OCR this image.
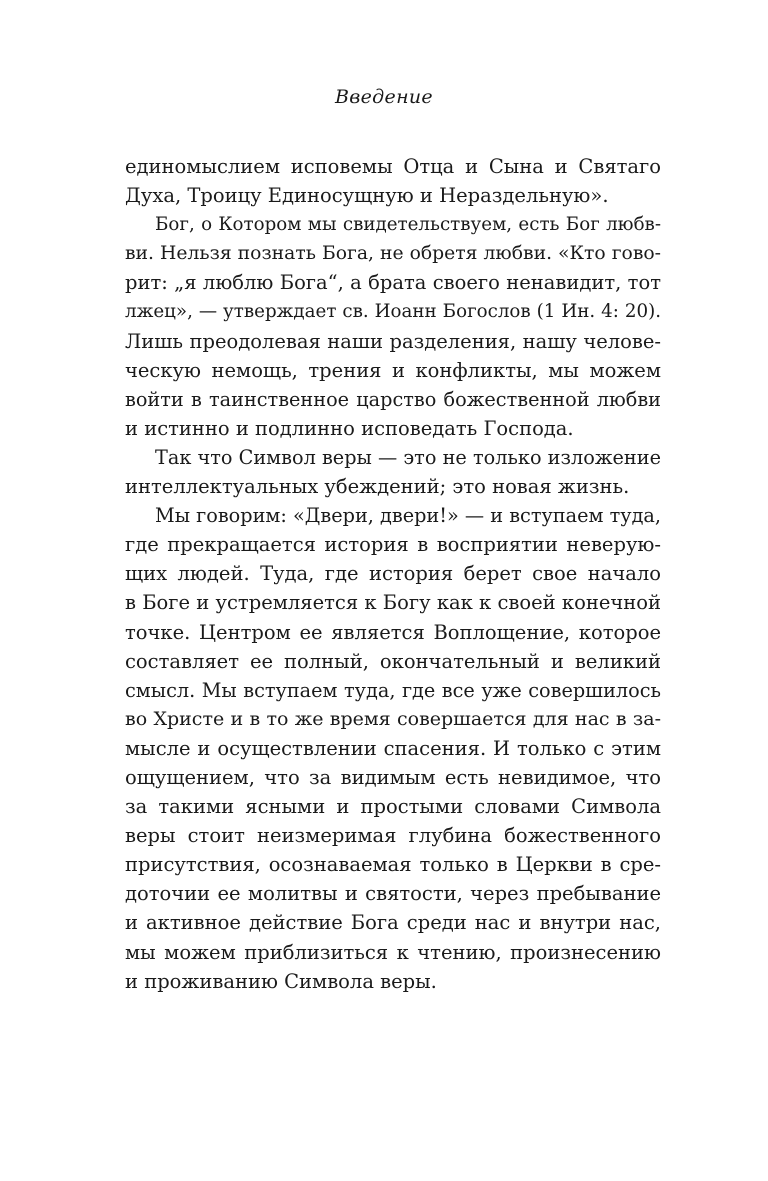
Введение
единомыслием исповемы Отца и Сына и Святаго
Духа, Троицу Единосущную и Нераздельную».
Бог, о Котором мы свидетельствуем, есть Бог любв-
ви. Нельзя познать Бога, не обретя любви. «Кто гово-
рит: „я люблю Бога“, а брата своего ненавидит, тот
лжец», — утверждает св. Иоанн Богослов (1 Ин. 4: 20).
Лишь преодолевая наши разделения, нашу челове-
ческую немощь, трения и конфликты, мы можем
войти в таинственное царство божественной любви
и истинно и подлинно исповедать Господа.
Так что Символ веры — это не только изложение
интеллектуальных убеждений; это новая жизнь.
Мы говорим: «Двери, двери!» — и вступаем туда,
где прекращается история в восприятии неверую-
щих людей. Туда, где история берет свое начало
в Боге и устремляется к Богу как к своей конечной
точке. Центром ее является Воплощение, которое
составляет ее полный, окончательный и великий
смысл. Мы вступаем туда, где все уже совершилось
во Христе и в то же время совершается для нас в за-
мысле и осуществлении спасения. И только с этим
ощущением, что за видимым есть невидимое, что
за такими ясными и простыми словами Символа
веры стоит неизмеримая глубина божественного
присутствия, осознаваемая только в Церкви в сре-
доточии ее молитвы и святости, через пребывание
и активное действие Бога среди нас и внутри нас,
мы можем приблизиться к чтению, произнесению
и проживанию Символа веры.
